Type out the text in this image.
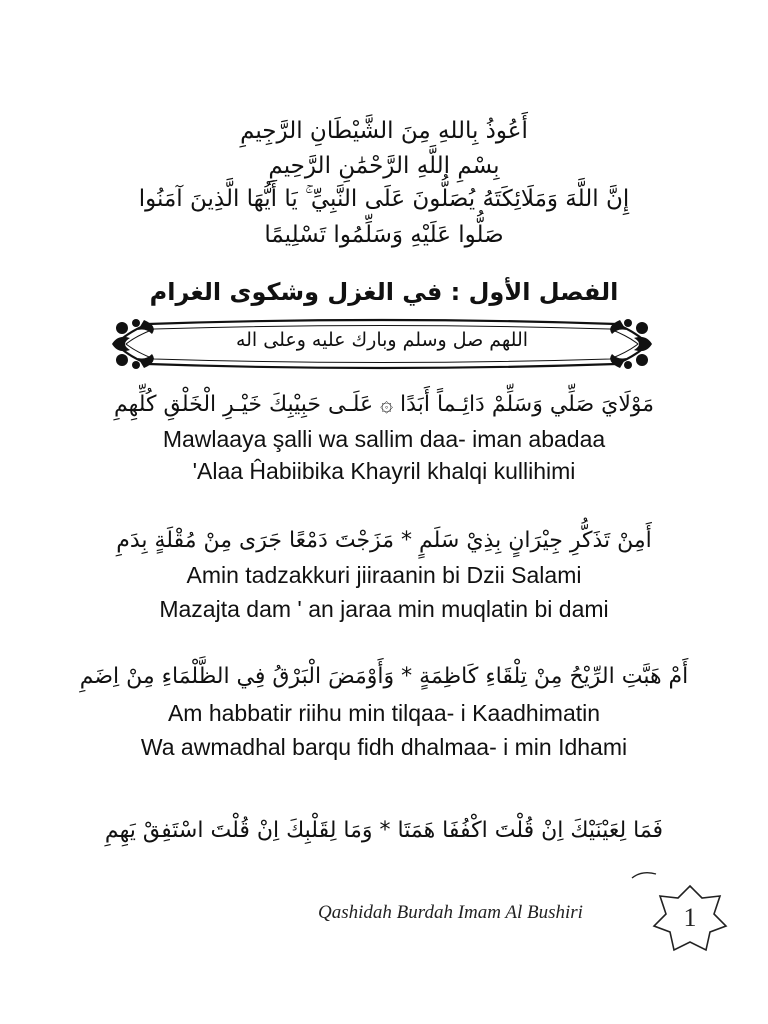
أَعُوذُ بِاللهِ مِنَ الشَّيْطَانِ الرَّجِيمِ
بِسْمِ اللَّهِ الرَّحْمَٰنِ الرَّحِيمِ
إِنَّ اللَّهَ وَمَلَائِكَتَهُ يُصَلُّونَ عَلَى النَّبِيِّ ۚ يَا أَيُّهَا الَّذِينَ آمَنُوا
صَلُّوا عَلَيْهِ وَسَلِّمُوا تَسْلِيمًا
الفصل الأول : في الغزل وشكوى الغرام
اللهم صل وسلم وبارك عليه وعلى اله
مَوْلَايَ صَلِّي وَسَلِّمْ دَائِـماً أَبَدًا ۞ عَلَـى حَبِيْبِكَ خَيْـرِ الْخَلْقِ كُلِّهِمِ
Mawlaaya şalli wa sallim daa- iman abadaa
'Alaa Ĥabiibika Khayril khalqi kullihimi
أَمِنْ تَذَكُّرِ جِيْرَانٍ بِذِيْ سَلَمٍ * مَزَجْتَ دَمْعًا جَرَى مِنْ مُقْلَةٍ بِدَمِ
Amin tadzakkuri jiiraanin bi Dzii Salami
Mazajta dam ' an jaraa min muqlatin bi dami
أَمْ هَبَّتِ الرِّيْحُ مِنْ تِلْقَاءِ كَاظِمَةٍ * وَأَوْمَضَ الْبَرْقُ فِي الظَّلْمَاءِ مِنْ اِضَمِ
Am habbatir riihu min tilqaa- i Kaadhimatin
Wa awmadhal barqu fidh dhalmaa- i min Idhami
فَمَا لِعَيْنَيْكَ اِنْ قُلْتَ اكْفُفَا هَمَتَا * وَمَا لِقَلْبِكَ اِنْ قُلْتَ اسْتَفِقْ يَهِمِ
Qashidah Burdah Imam Al Bushiri	1
